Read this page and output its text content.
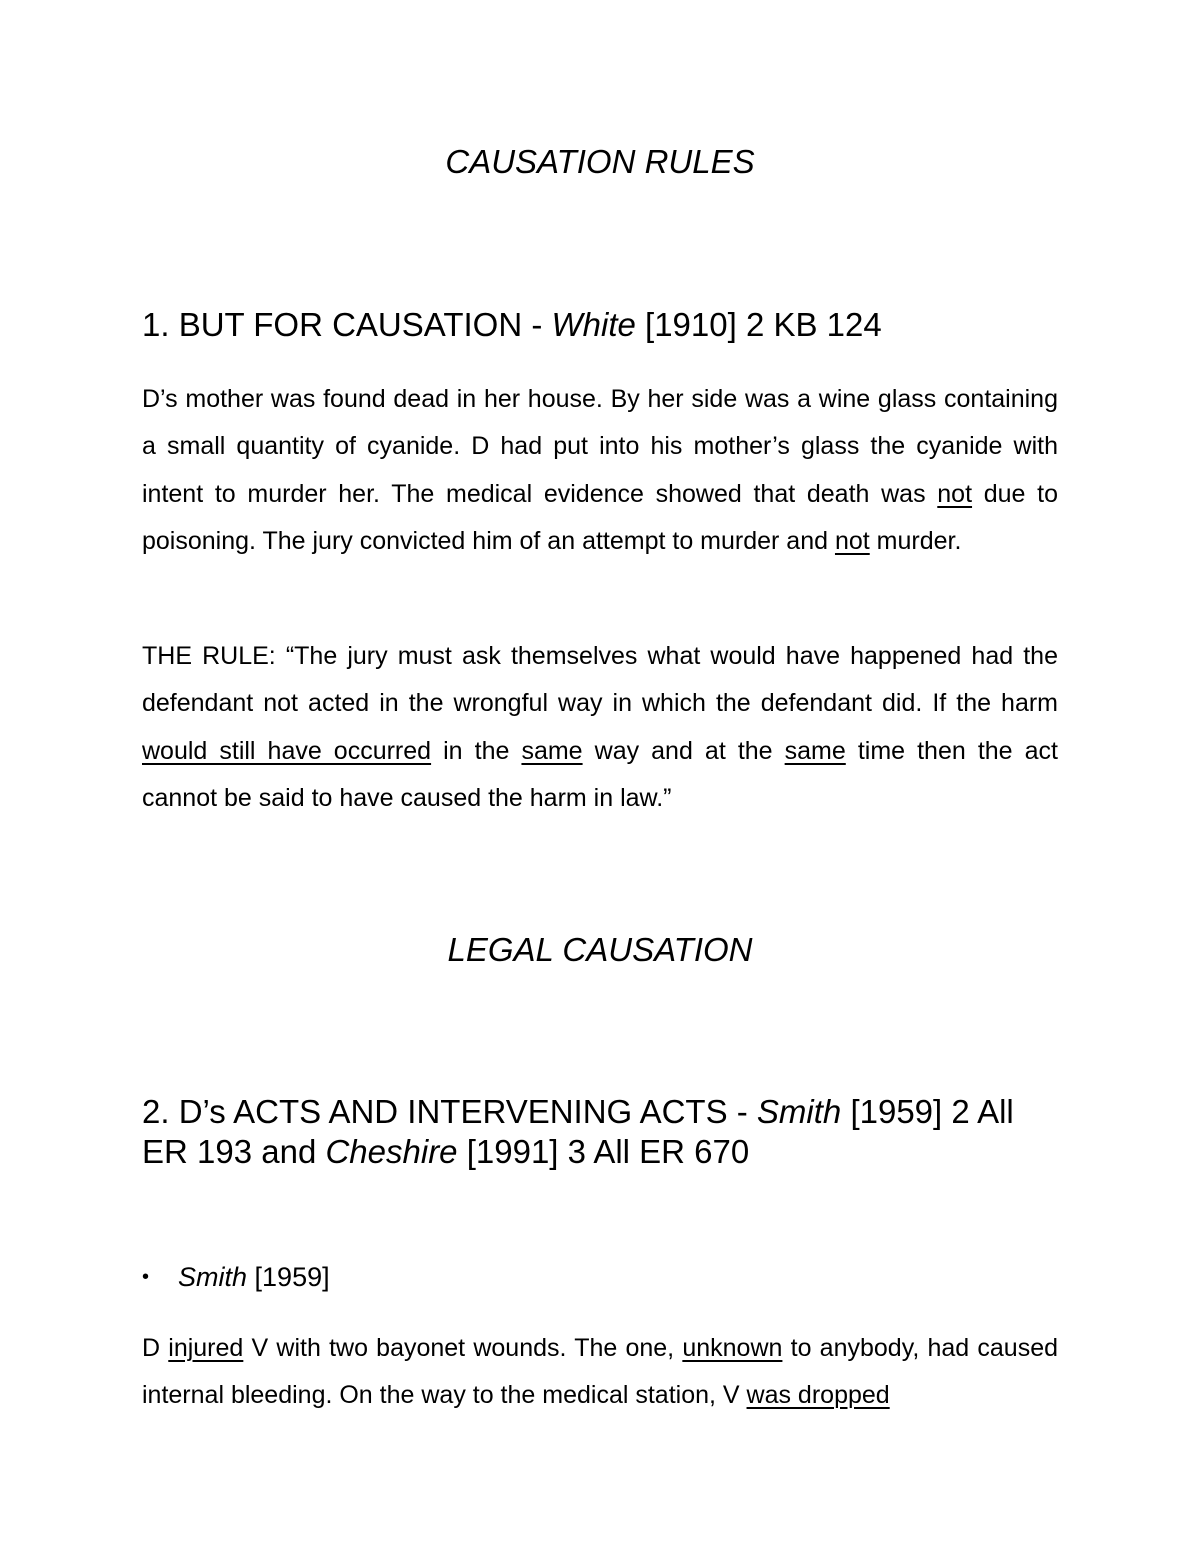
CAUSATION RULES
1. BUT FOR CAUSATION - White [1910] 2 KB 124

D’s mother was found dead in her house. By her side was a wine glass containing a small quantity of cyanide. D had put into his mother’s glass the cyanide with intent to murder her. The medical evidence showed that death was not due to poisoning. The jury convicted him of an attempt to murder and not murder.

THE RULE: “The jury must ask themselves what would have happened had the defendant not acted in the wrongful way in which the defendant did. If the harm would still have occurred in the same way and at the same time then the act cannot be said to have caused the harm in law.”

LEGAL CAUSATION
2. D’s ACTS AND INTERVENING ACTS - Smith [1959] 2 All ER 193 and Cheshire [1991] 3 All ER 670

• Smith [1959]

D injured V with two bayonet wounds. The one, unknown to anybody, had caused internal bleeding. On the way to the medical station, V was dropped
